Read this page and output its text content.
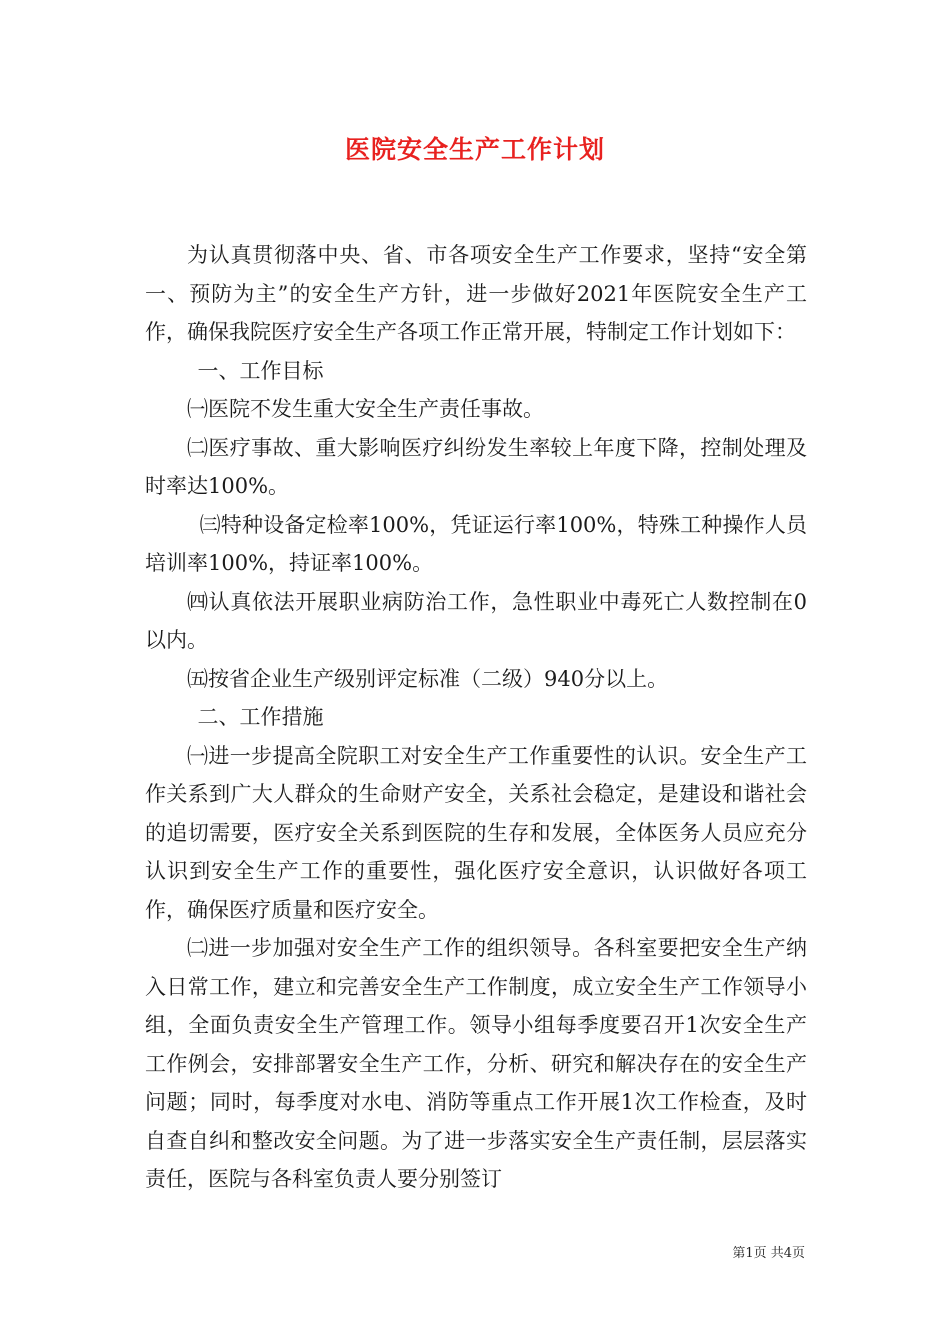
医院安全生产工作计划

为认真贯彻落中央、省、市各项安全生产工作要求，坚持“安全第一、预防为主”的安全生产方针，进一步做好2021年医院安全生产工作，确保我院医疗安全生产各项工作正常开展，特制定工作计划如下：

一、工作目标

㈠医院不发生重大安全生产责任事故。

㈡医疗事故、重大影响医疗纠纷发生率较上年度下降，控制处理及时率达100%。

㈢特种设备定检率100%，凭证运行率100%，特殊工种操作人员培训率100%，持证率100%。

㈣认真依法开展职业病防治工作，急性职业中毒死亡人数控制在0以内。

㈤按省企业生产级别评定标准（二级）940分以上。

二、工作措施

㈠进一步提高全院职工对安全生产工作重要性的认识。安全生产工作关系到广大人群众的生命财产安全，关系社会稳定，是建设和谐社会的追切需要，医疗安全关系到医院的生存和发展，全体医务人员应充分认识到安全生产工作的重要性，强化医疗安全意识，认识做好各项工作，确保医疗质量和医疗安全。

㈡进一步加强对安全生产工作的组织领导。各科室要把安全生产纳入日常工作，建立和完善安全生产工作制度，成立安全生产工作领导小组，全面负责安全生产管理工作。领导小组每季度要召开1次安全生产工作例会，安排部署安全生产工作，分析、研究和解决存在的安全生产问题；同时，每季度对水电、消防等重点工作开展1次工作检查，及时自查自纠和整改安全问题。为了进一步落实安全生产责任制，层层落实责任，医院与各科室负责人要分别签订

第1页 共4页
